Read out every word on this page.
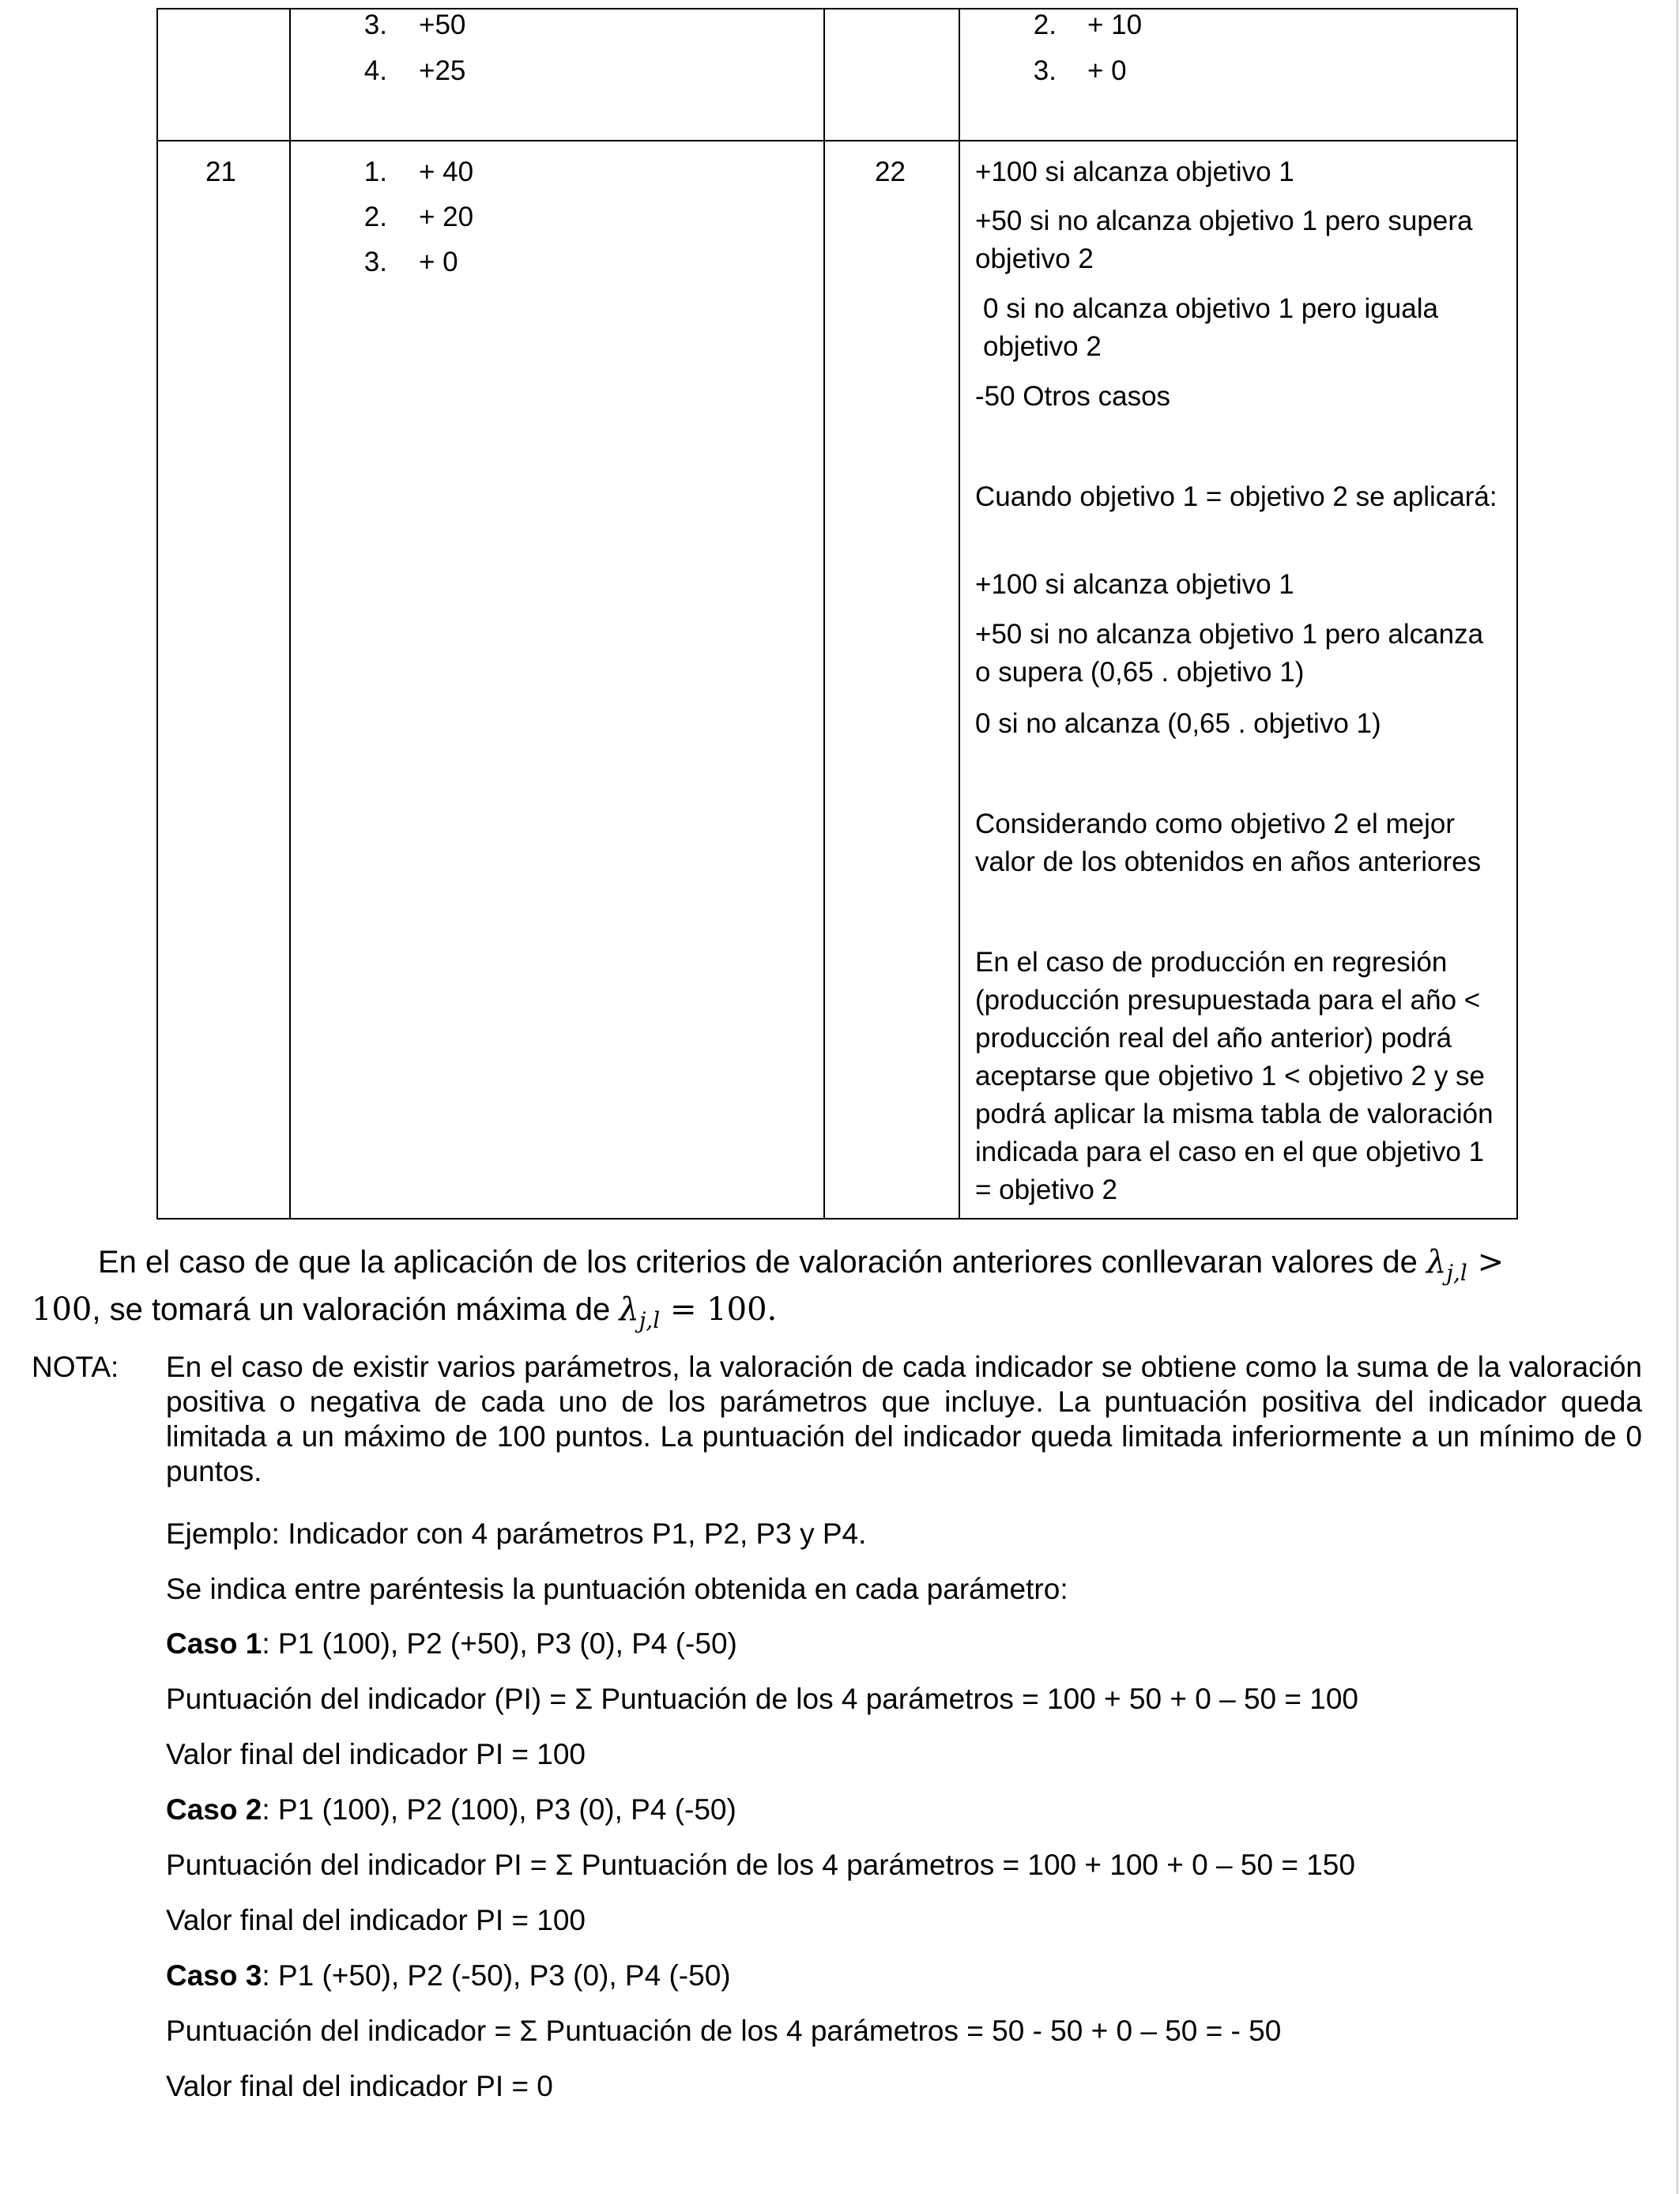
3. +50
4. +25
2. + 10
3. + 0
21	22
1. + 40
2. + 20
3. + 0
+100 si alcanza objetivo 1
+50 si no alcanza objetivo 1 pero supera objetivo 2
0 si no alcanza objetivo 1 pero iguala objetivo 2
-50 Otros casos
Cuando objetivo 1 = objetivo 2 se aplicará:
+100 si alcanza objetivo 1
+50 si no alcanza objetivo 1 pero alcanza o supera (0,65 . objetivo 1)
0 si no alcanza (0,65 . objetivo 1)
Considerando como objetivo 2 el mejor valor de los obtenidos en años anteriores
En el caso de producción en regresión (producción presupuestada para el año < producción real del año anterior) podrá aceptarse que objetivo 1 < objetivo 2 y se podrá aplicar la misma tabla de valoración indicada para el caso en el que objetivo 1 = objetivo 2
En el caso de que la aplicación de los criterios de valoración anteriores conllevaran valores de $\lambda_{j,l}$ >
100, se tomará un valoración máxima de $\lambda_{j,l} = 100$.
NOTA: En el caso de existir varios parámetros, la valoración de cada indicador se obtiene como la suma de la valoración positiva o negativa de cada uno de los parámetros que incluye. La puntuación positiva del indicador queda limitada a un máximo de 100 puntos. La puntuación del indicador queda limitada inferiormente a un mínimo de 0 puntos.
Ejemplo: Indicador con 4 parámetros P1, P2, P3 y P4.
Se indica entre paréntesis la puntuación obtenida en cada parámetro:
Caso 1: P1 (100), P2 (+50), P3 (0), P4 (-50)
Puntuación del indicador (PI) = Σ Puntuación de los 4 parámetros = 100 + 50 + 0 – 50 = 100
Valor final del indicador PI = 100
Caso 2: P1 (100), P2 (100), P3 (0), P4 (-50)
Puntuación del indicador PI = Σ Puntuación de los 4 parámetros = 100 + 100 + 0 – 50 = 150
Valor final del indicador PI = 100
Caso 3: P1 (+50), P2 (-50), P3 (0), P4 (-50)
Puntuación del indicador = Σ Puntuación de los 4 parámetros = 50 - 50 + 0 – 50 = - 50
Valor final del indicador PI = 0
